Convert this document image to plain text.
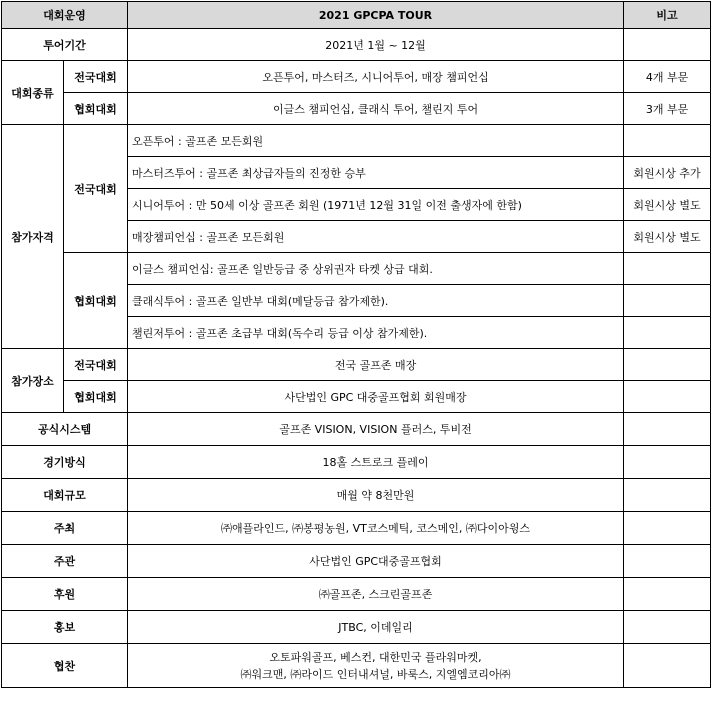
대회운영		2021 GPCPA TOUR	비고
투어기간		2021년 1월 ~ 12월	
대회종류	전국대회	오픈투어, 마스터즈, 시니어투어, 매장 챔피언십	4개 부문
	협회대회	이글스 챔피언십, 클래식 투어, 챌린지 투어	3개 부문
참가자격	전국대회	오픈투어 : 골프존 모든회원	
		마스터즈투어 : 골프존 최상급자들의 진정한 승부	회원시상 추가
		시니어투어 : 만 50세 이상 골프존 회원 (1971년 12월 31일 이전 출생자에 한함)	회원시상 별도
		매장챔피언십 : 골프존 모든회원	회원시상 별도
	협회대회	이글스 챔피언십: 골프존 일반등급 중 상위권자 타켓 상급 대회.	
		클래식투어 : 골프존 일반부 대회(메달등급 참가제한).	
		챌린저투어 : 골프존 초급부 대회(독수리 등급 이상 참가제한).	
참가장소	전국대회	전국 골프존 매장	
	협회대회	사단법인 GPC 대중골프협회 회원매장	
공식시스템		골프존 VISION, VISION 플러스, 투비전	
경기방식		18홀 스트로크 플레이	
대회규모		매월 약 8천만원	
주최		㈜애플라인드, ㈜봉평농원, VT코스메틱, 코스메인, ㈜다이아윙스	
주관		사단법인 GPC대중골프협회	
후원		㈜골프존, 스크린골프존	
홍보		JTBC, 이데일리	
협찬		오토파워골프, 베스컨, 대한민국 플라워마켓,
㈜워크맨, ㈜라이드 인터내셔널, 바룩스, 지엘엠코리아㈜	
